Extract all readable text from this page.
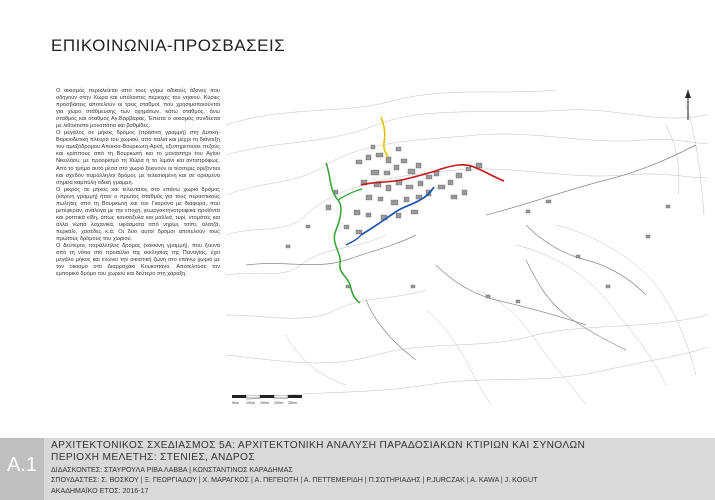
ΕΠΙΚΟΙΝΩΝΙΑ-ΠΡΟΣΒΑΣΕΙΣ

Ο οικισμός περικλείεται από τους γύρω οδικούς άξονες που οδηγούν στην Χώρα και υπόλοιπες περιοχές του νησιού. Κύριες προσβάσεις αποτελούν οι τρεις σταθμοί, που χρησιμοποιούνται για χώρο στάθμευσης των οχημάτων, κάτω σταθμός, άνω σταθμός και σταθμός Αγ.Βαρβάρας. Έπειτα ο οικισμός συνδέεται με λιθόκτιστα μονοπάτια και βαθμίδες.

Ο μεγάλος σε μήκος δρόμος (πράσινη γραμμή) στη Δυτική-Βορειοδυτική πλευρά του χωριού, από παλιά και μέχρι τη διάνοιξη του αμαξόδρομου Αποικία-Βουρκωτή-Αρνή, εξυπηρετούσε πεζούς και ερίππους από τη Βουρκωτή και το μοναστήρι του Αγίου Νικολάου, με προορισμό τη Χώρα ή το λιμάνι και αντιστρόφως. Από το τμήμα αυτό μέσα στο χωριό ξεκινούν οι τέσσερις οριζόντιοι και σχεδόν παράλληλοι δρόμοι, με τελεσιομένη και σε ορισμένα σημεία καμπύλη οδική γραμμή.

Ο μικρός σε μήκος και τελευταίος στο επάνω χωριό δρόμος (κίτρινη γραμμή) ήταν ο πρώτος σταθμός για τους περαστικούς πωλητές από τη Βουρκωτή και τον Γκαρόνα με διάφορα, που μετέφεραν, ανάλογα με την εποχή, γεωργοκτηνοτροφικά προϊόντα και ροπτικά είδη, όπως καυσόξυλα και μαλλιά, τυρί, ντομάτες και άλλα νωπά λαχανικά, υφάσματα από νηρίμι, τσίπι, αλατζά, περκάλι, χασέδες κ.ά. Οι δύο αυτοί δρόμοι αποτελούν τους πρώτους δρόμους του χωριού.

Ο δεύτερος παράλληλος δρόμος (κόκκινη γραμμή), που ξεκινά από τη νότια στο προαύλιο της εκκλησίας της Παναγίας, έχει μεγάλο μήκος και ενώνει την οικιστική ζώνη στο επάνω χωριό με τον οικισμό στο Διαρραχάκι Κουκοπάνο. Αποτελούσε τον εμπορικό δρόμο του χωριού και δεύτερο στη χάραξη.

0km 100m 150m 200m 250m
Α.1
ΑΡΧΙΤΕΚΤΟΝΙΚΟΣ ΣΧΕΔΙΑΣΜΟΣ 5Α: ΑΡΧΙΤΕΚΤΟΝΙΚΗ ΑΝΑΛΥΣΗ ΠΑΡΑΔΟΣΙΑΚΩΝ ΚΤΙΡΙΩΝ ΚΑΙ ΣΥΝΟΛΩΝ
ΠΕΡΙΟΧΗ ΜΕΛΕΤΗΣ: ΣΤΕΝΙΕΣ, ΑΝΔΡΟΣ
ΔΙΔΑΣΚΟΝΤΕΣ: ΣΤΑΥΡΟΥΛΑ ΡΙΒΑ ΛΑΒΒΑ | ΚΩΝΣΤΑΝΤΙΝΟΣ ΚΑΡΑΔΗΜΑΣ
ΣΠΟΥΔΑΣΤΕΣ: Σ. ΒΟΣΚΟΥ | Ξ. ΓΕΩΡΓΙΑΔΟΥ | Χ. ΜΑΡΑΓΚΟΣ | Α. ΠΕΓΕΙΩΤΗ | Α. ΠΕΤΤΕΜΕΡΙΔΗ | Π.ΣΩΤΗΡΙΑΔΗΣ | P.JURCZAK | A. KAWA | J. KOGUT
ΑΚΑΔΗΜΑΪΚΟ ΕΤΟΣ: 2016-17
